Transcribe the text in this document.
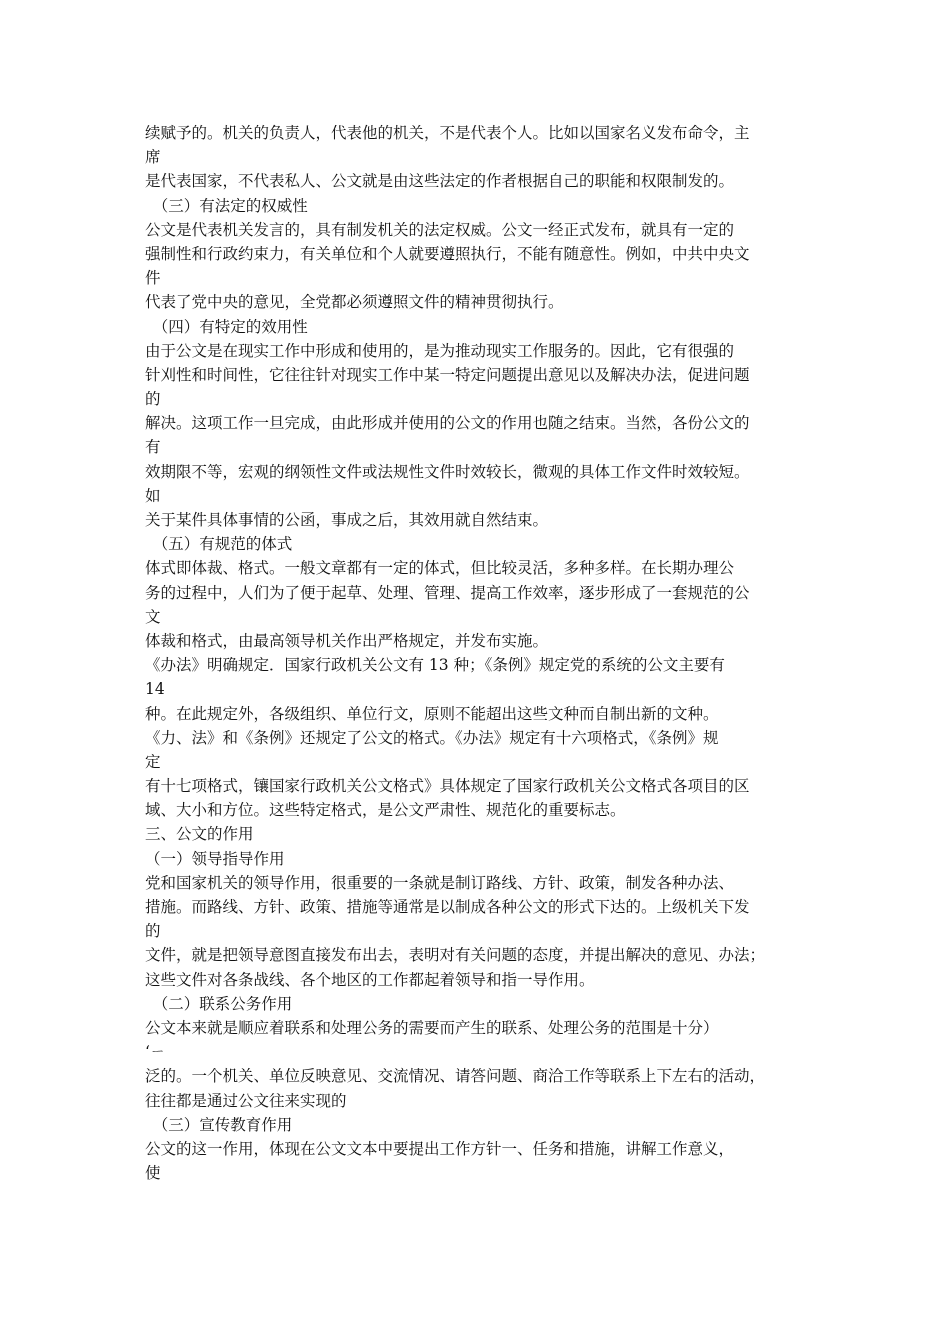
续赋予的。机关的负责人，代表他的机关，不是代表个人。比如以国家名义发布命令，主
席
是代表国家，不代表私人、公文就是由这些法定的作者根据自己的职能和权限制发的。
　（三）有法定的权威性
公文是代表机关发言的，具有制发机关的法定权威。公文一经正式发布，就具有一定的
强制性和行政约束力，有关单位和个人就要遵照执行，不能有随意性。例如，中共中央文
件
代表了党中央的意见，全党都必须遵照文件的精神贯彻执行。
　（四）有特定的效用性
由于公文是在现实工作中形成和使用的，是为推动现实工作服务的。因此，它有很强的
针刈性和时间性，它往往针对现实工作中某一特定问题提出意见以及解决办法，促进问题
的
解决。这项工作一旦完成，由此形成并使用的公文的作用也随之结束。当然，各份公文的
有
效期限不等，宏观的纲领性文件或法规性文件时效较长，微观的具体工作文件时效较短。
如
关于某件具体事情的公函，事成之后，其效用就自然结束。
　（五）有规范的体式
体式即体裁、格式。一般文章都有一定的体式，但比较灵活，多种多样。在长期办理公
务的过程中，人们为了便于起草、处理、管理、提高工作效率，逐步形成了一套规范的公
文
体裁和格式，由最高领导机关作出严格规定，并发布实施。
《办法》明确规定．国家行政机关公文有 13 种；《条例》规定党的系统的公文主要有
14
种。在此规定外，各级组织、单位行文，原则不能超出这些文种而自制出新的文种。
《力、法》和《条例》还规定了公文的格式。《办法》规定有十六项格式，《条例》规
定
有十七项格式，镶国家行政机关公文格式》具体规定了国家行政机关公文格式各项目的区
域、大小和方位。这些特定格式，是公文严肃性、规范化的重要标志。
三、公文的作用
（一）领导指导作用
党和国家机关的领导作用，很重要的一条就是制订路线、方针、政策，制发各种办法、
措施。而路线、方针、政策、措施等通常是以制成各种公文的形式下达的。上级机关下发
的
文件，就是把领导意图直接发布出去，表明对有关问题的态度，并提出解决的意见、办法；
这些文件对各条战线、各个地区的工作都起着领导和指一导作用。
　（二）联系公务作用
公文本来就是顺应着联系和处理公务的需要而产生的联系、处理公务的范围是十分）
‘ㄧ
泛的。一个机关、单位反映意见、交流情况、请答问题、商洽工作等联系上下左右的活动，
往往都是通过公文往来实现的
　（三）宣传教育作用
公文的这一作用，体现在公文文本中要提出工作方针一、任务和措施，讲解工作意义，
使
